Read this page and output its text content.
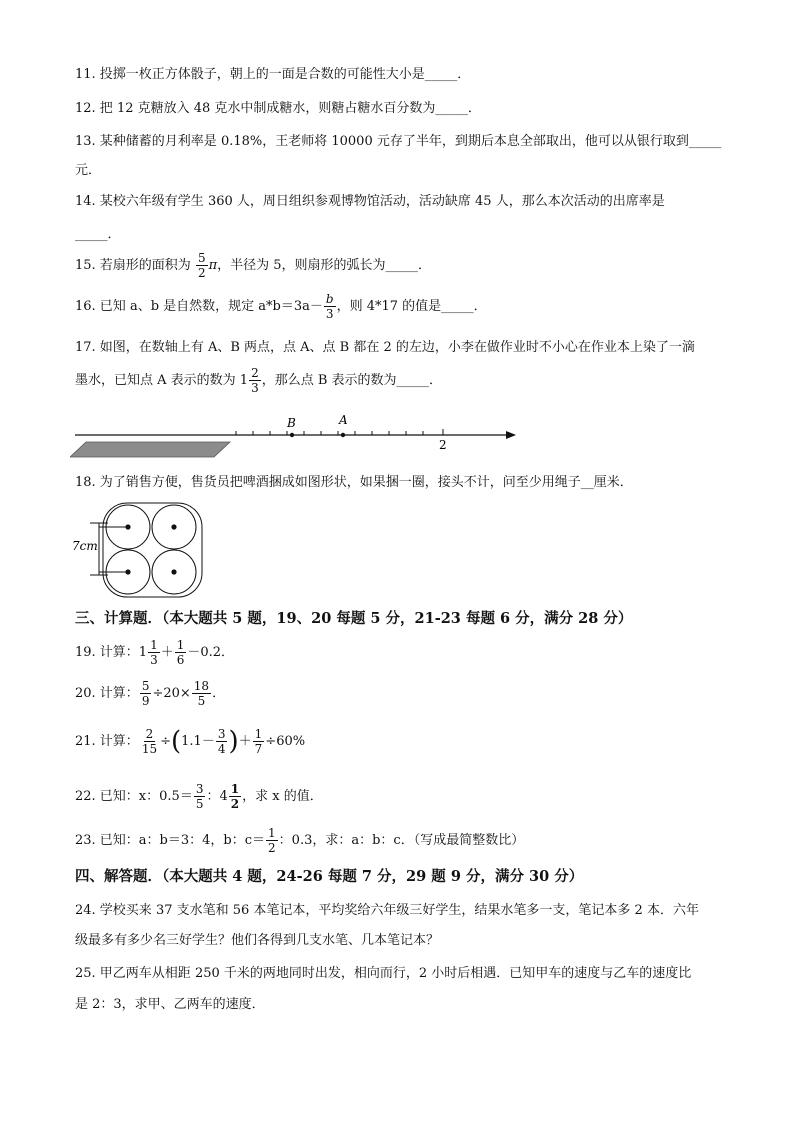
11. 投掷一枚正方体骰子，朝上的一面是合数的可能性大小是_____．
12. 把 12 克糖放入 48 克水中制成糖水，则糖占糖水百分数为_____．
13. 某种储蓄的月利率是 0.18%，王老师将 10000 元存了半年，到期后本息全部取出，他可以从银行取到_____
元．
14. 某校六年级有学生 360 人，周日组织参观博物馆活动，活动缺席 45 人，那么本次活动的出席率是
_____．
15. 若扇形的面积为 $\frac{5}{2}$ π，半径为 5，则扇形的弧长为_____．
16. 已知 a、b 是自然数，规定 $a*b=3a- \frac{b}{3}$ ，则 4*17 的值是_____．
17. 如图，在数轴上有 A、B 两点，点 A、点 B 都在 2 的左边，小李在做作业时不小心在作业本上染了一滴
墨水，已知点 A 表示的数为 $1 \frac{2}{3}$ ，那么点 B 表示的数为_____．
B	A
2
18. 为了销售方便，售货员把啤酒捆成如图形状，如果捆一圈，接头不计，问至少用绳子__厘米．
7cm
三、计算题．（本大题共 5 题，19、20 每题 5 分，21-23 每题 6 分，满分 28 分）
19. 计算：$1 \frac{1}{3} + \frac{1}{6} -0.2$．
20. 计算： $\frac{5}{9} \div 20\times \frac{18}{5}$ ．
21. 计算： $\frac{2}{15} \div(1.1- \frac{3}{4}$ )＋ $\frac{1}{7} \div 60\%$
22. 已知：x：$0.5= \frac{3}{5}$ ：$4 \frac{1}{2}$ ，求 x 的值．
23. 已知：a：b＝3：4，b：$c= \frac{1}{2}$ ：0.3，求：a：b：c．（写成最简整数比）
四、解答题．（本大题共 4 题，24-26 每题 7 分，29 题 9 分，满分 30 分）
24. 学校买来 37 支水笔和 56 本笔记本，平均奖给六年级三好学生，结果水笔多一支，笔记本多 2 本．六年
级最多有多少名三好学生？他们各得到几支水笔、几本笔记本？
25. 甲乙两车从相距 250 千米的两地同时出发，相向而行，2 小时后相遇．已知甲车的速度与乙车的速度比
是 2：3，求甲、乙两车的速度．
